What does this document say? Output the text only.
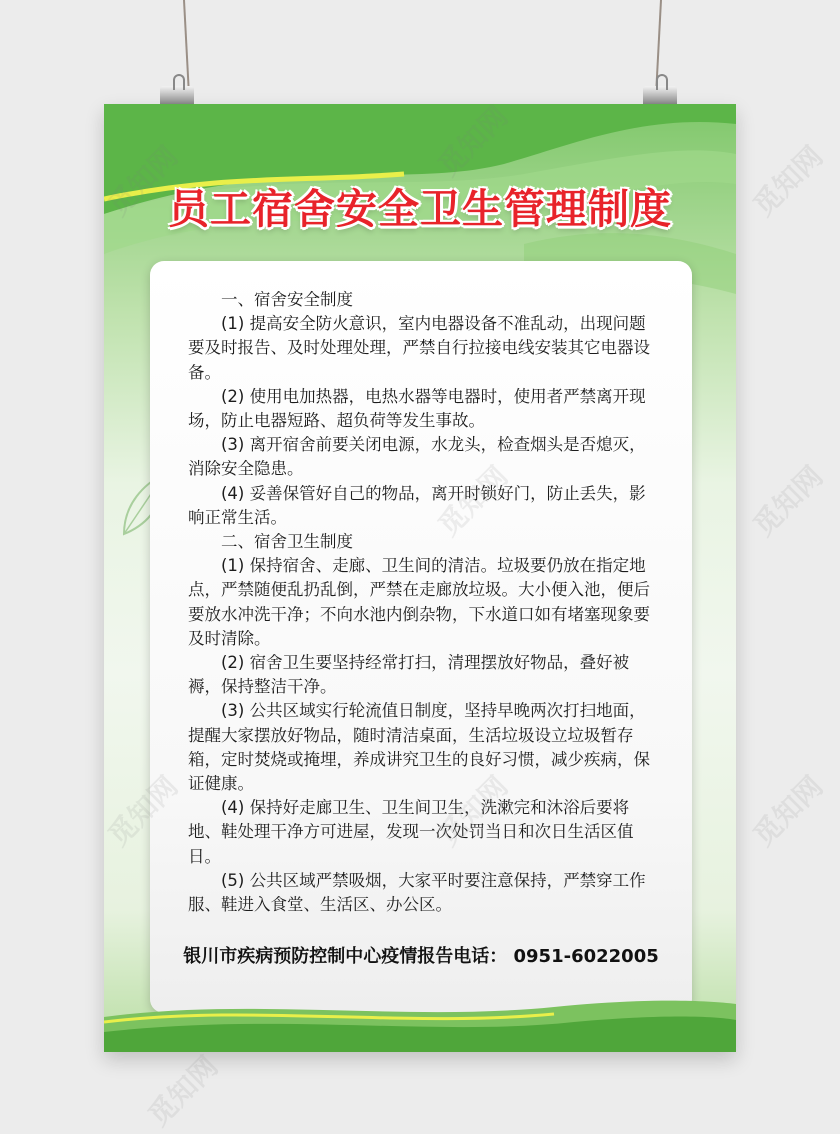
员工宿舍安全卫生管理制度

一、宿舍安全制度

(1) 提高安全防火意识，室内电器设备不准乱动，出现问题要及时报告、及时处理处理，严禁自行拉接电线安装其它电器设备。

(2) 使用电加热器，电热水器等电器时，使用者严禁离开现场，防止电器短路、超负荷等发生事故。

(3) 离开宿舍前要关闭电源，水龙头，检查烟头是否熄灭，消除安全隐患。

(4) 妥善保管好自己的物品，离开时锁好门，防止丢失，影响正常生活。

二、宿舍卫生制度

(1) 保持宿舍、走廊、卫生间的清洁。垃圾要仍放在指定地点，严禁随便乱扔乱倒，严禁在走廊放垃圾。大小便入池，便后要放水冲洗干净；不向水池内倒杂物，下水道口如有堵塞现象要及时清除。

(2) 宿舍卫生要坚持经常打扫，清理摆放好物品，叠好被褥，保持整洁干净。

(3) 公共区域实行轮流值日制度，坚持早晚两次打扫地面，提醒大家摆放好物品，随时清洁桌面，生活垃圾设立垃圾暂存箱，定时焚烧或掩埋，养成讲究卫生的良好习惯，减少疾病，保证健康。

(4) 保持好走廊卫生、卫生间卫生，洗漱完和沐浴后要将地、鞋处理干净方可进屋，发现一次处罚当日和次日生活区值日。

(5) 公共区域严禁吸烟，大家平时要注意保持，严禁穿工作服、鞋进入食堂、生活区、办公区。

银川市疾病预防控制中心疫情报告电话： 0951-6022005
觅知网
觅知网
觅知网
觅知网
